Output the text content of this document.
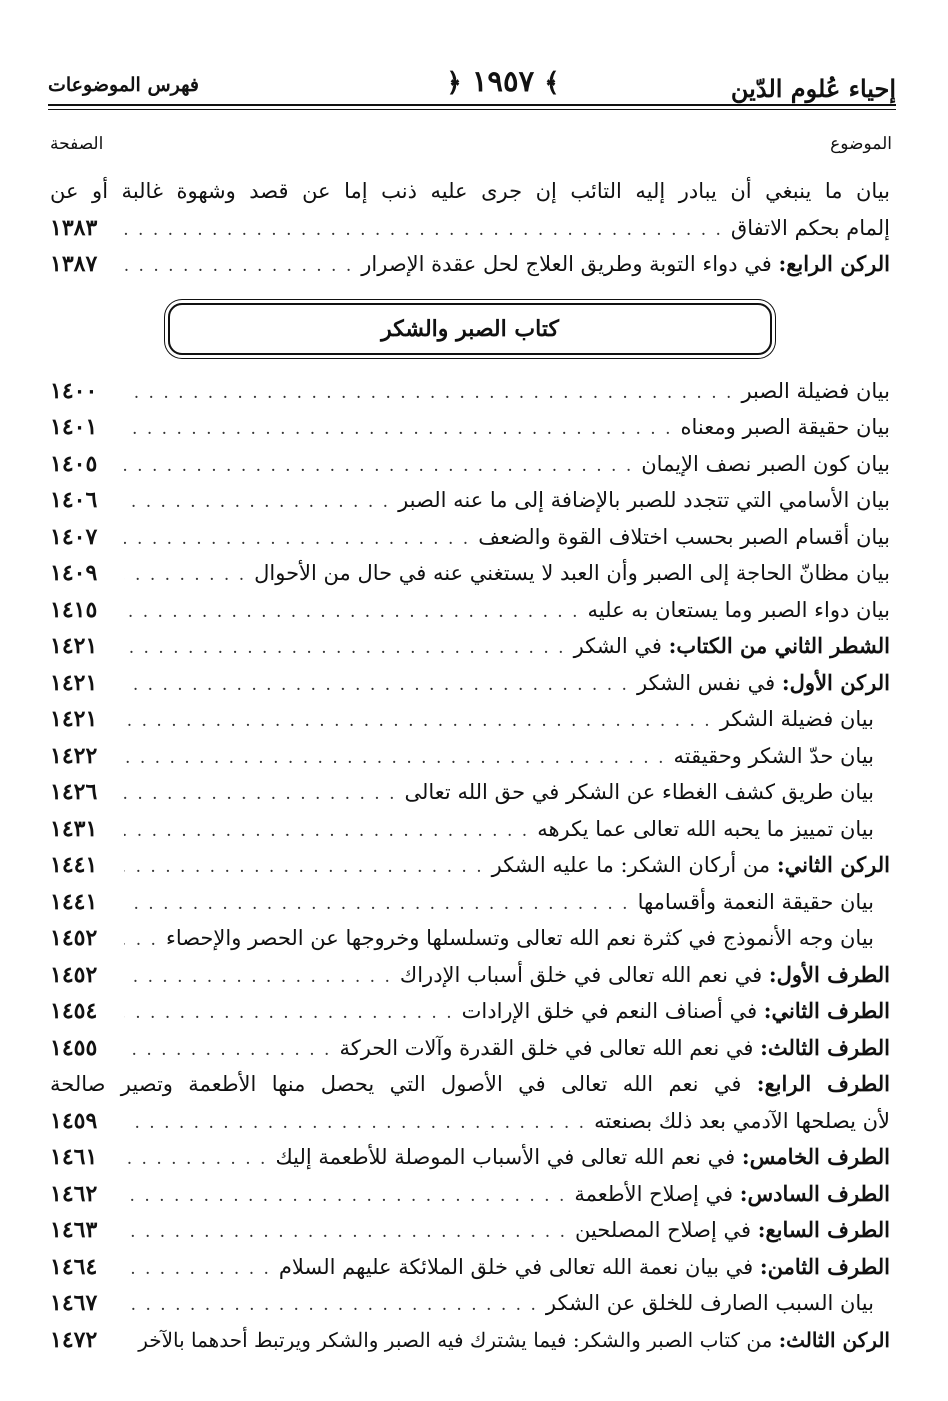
إحياء عُلوم الدّين
﴾ ١٩٥٧ ﴿
فهرس الموضوعات
الموضوع
الصفحة
بيان ما ينبغي أن يبادر إليه التائب إن جرى عليه ذنب إما عن قصد وشهوة غالبة أو عن
إلمام بحكم الاتفاق
. . .
١٣٨٣
الركن الرابع: في دواء التوبة وطريق العلاج لحل عقدة الإصرار
. . .
١٣٨٧
كتاب الصبر والشكر
بيان فضيلة الصبر
. . .
١٤٠٠
بيان حقيقة الصبر ومعناه
. . .
١٤٠١
بيان كون الصبر نصف الإيمان
. . .
١٤٠٥
بيان الأسامي التي تتجدد للصبر بالإضافة إلى ما عنه الصبر
. . .
١٤٠٦
بيان أقسام الصبر بحسب اختلاف القوة والضعف
. . .
١٤٠٧
بيان مظانّ الحاجة إلى الصبر وأن العبد لا يستغني عنه في حال من الأحوال
. . .
١٤٠٩
بيان دواء الصبر وما يستعان به عليه
. . .
١٤١٥
الشطر الثاني من الكتاب: في الشكر
. . .
١٤٢١
الركن الأول: في نفس الشكر
. . .
١٤٢١
بيان فضيلة الشكر
. . .
١٤٢١
بيان حدّ الشكر وحقيقته
. . .
١٤٢٢
بيان طريق كشف الغطاء عن الشكر في حق الله تعالى
. . .
١٤٢٦
بيان تمييز ما يحبه الله تعالى عما يكرهه
. . .
١٤٣١
الركن الثاني: من أركان الشكر: ما عليه الشكر
. . .
١٤٤١
بيان حقيقة النعمة وأقسامها
. . .
١٤٤١
بيان وجه الأنموذج في كثرة نعم الله تعالى وتسلسلها وخروجها عن الحصر والإحصاء
. . .
١٤٥٢
الطرف الأول: في نعم الله تعالى في خلق أسباب الإدراك
. . .
١٤٥٢
الطرف الثاني: في أصناف النعم في خلق الإرادات
. . .
١٤٥٤
الطرف الثالث: في نعم الله تعالى في خلق القدرة وآلات الحركة
. . .
١٤٥٥
الطرف الرابع: في نعم الله تعالى في الأصول التي يحصل منها الأطعمة وتصير صالحة
لأن يصلحها الآدمي بعد ذلك بصنعته
. . .
١٤٥٩
الطرف الخامس: في نعم الله تعالى في الأسباب الموصلة للأطعمة إليك
. . .
١٤٦١
الطرف السادس: في إصلاح الأطعمة
. . .
١٤٦٢
الطرف السابع: في إصلاح المصلحين
. . .
١٤٦٣
الطرف الثامن: في بيان نعمة الله تعالى في خلق الملائكة عليهم السلام
. . .
١٤٦٤
بيان السبب الصارف للخلق عن الشكر
. . .
١٤٦٧
الركن الثالث: من كتاب الصبر والشكر: فيما يشترك فيه الصبر والشكر ويرتبط أحدهما بالآخر
١٤٧٢
